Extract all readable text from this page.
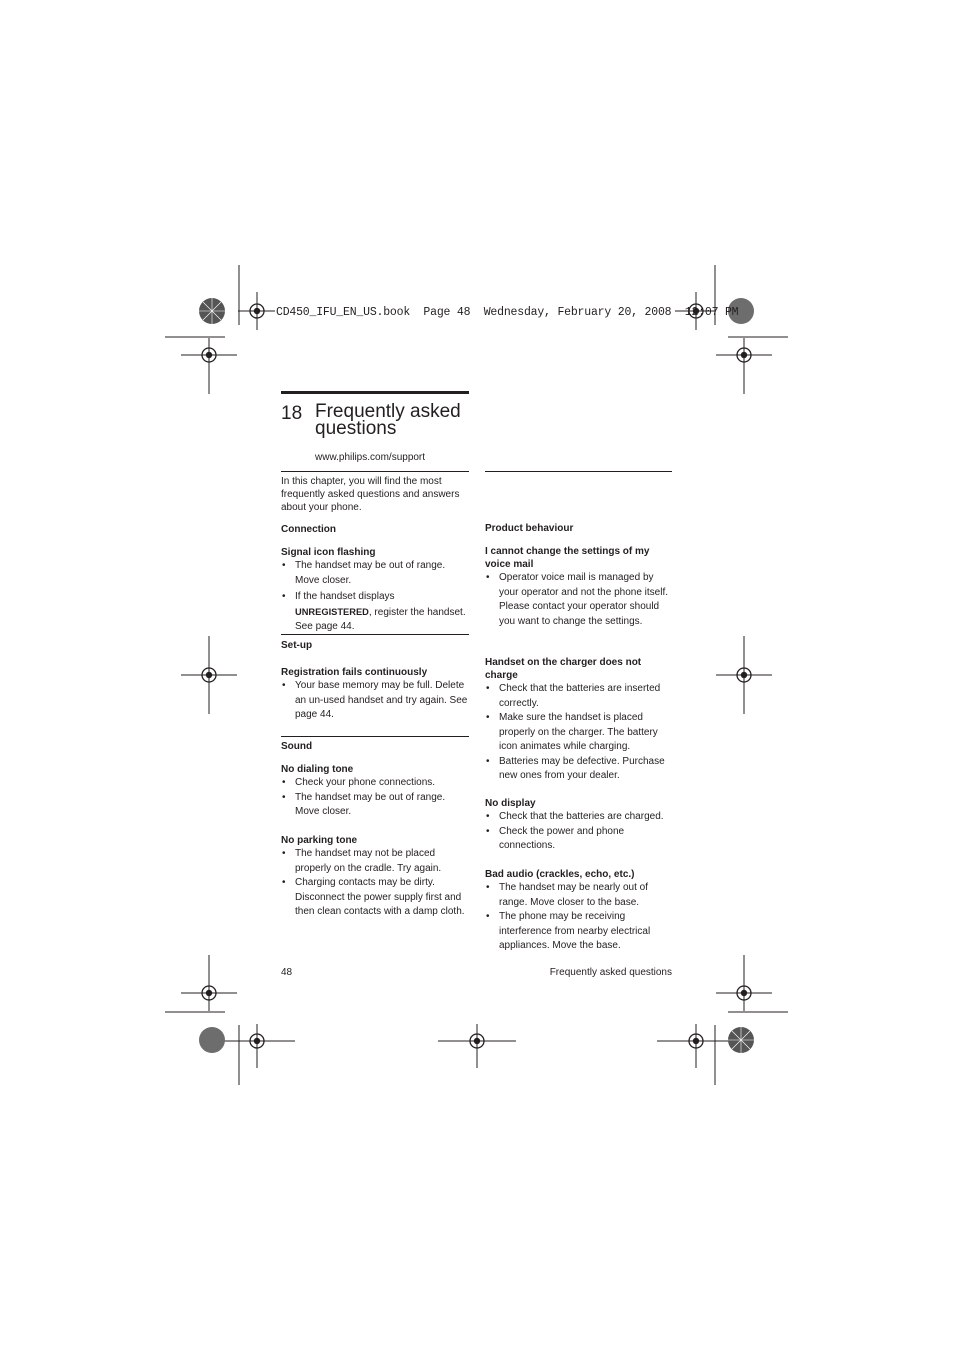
CD450_IFU_EN_US.book  Page 48  Wednesday, February 20, 2008  12:07 PM
18 Frequently asked
questions
www.philips.com/support
In this chapter, you will find the most frequently asked questions and answers about your phone.
Connection
Signal icon flashing
• The handset may be out of range. Move closer.
• If the handset displays
UNREGISTERED, register the handset. See page 44.
Set-up
Registration fails continuously
• Your base memory may be full. Delete an un-used handset and try again. See page 44.
Sound
No dialing tone
• Check your phone connections.
• The handset may be out of range. Move closer.
No parking tone
• The handset may not be placed properly on the cradle. Try again.
• Charging contacts may be dirty. Disconnect the power supply first and then clean contacts with a damp cloth.
Product behaviour
I cannot change the settings of my voice mail
• Operator voice mail is managed by your operator and not the phone itself. Please contact your operator should you want to change the settings.
Handset on the charger does not charge
• Check that the batteries are inserted correctly.
• Make sure the handset is placed properly on the charger. The battery icon animates while charging.
• Batteries may be defective. Purchase new ones from your dealer.
No display
• Check that the batteries are charged.
• Check the power and phone connections.
Bad audio (crackles, echo, etc.)
• The handset may be nearly out of range. Move closer to the base.
• The phone may be receiving interference from nearby electrical appliances. Move the base.
48	Frequently asked questions
